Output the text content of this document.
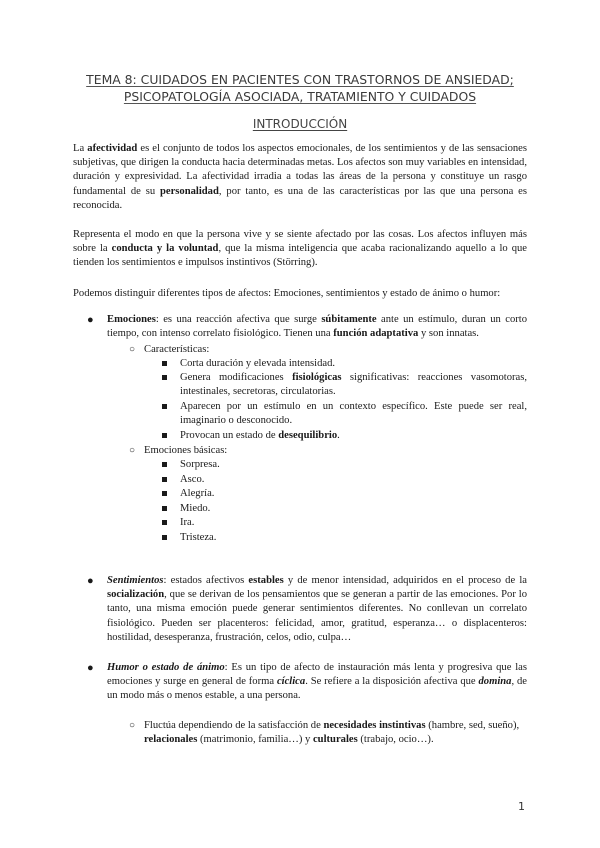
TEMA 8: CUIDADOS EN PACIENTES CON TRASTORNOS DE ANSIEDAD;
PSICOPATOLOGÍA ASOCIADA, TRATAMIENTO Y CUIDADOS
INTRODUCCIÓN
La afectividad es el conjunto de todos los aspectos emocionales, de los sentimientos y de las sensaciones subjetivas, que dirigen la conducta hacia determinadas metas. Los afectos son muy variables en intensidad, duración y expresividad. La afectividad irradia a todas las áreas de la persona y constituye un rasgo fundamental de su personalidad, por tanto, es una de las características por las que una persona es reconocida.
Representa el modo en que la persona vive y se siente afectado por las cosas. Los afectos influyen más sobre la conducta y la voluntad, que la misma inteligencia que acaba racionalizando aquello a lo que tienden los sentimientos e impulsos instintivos (Störring).
Podemos distinguir diferentes tipos de afectos: Emociones, sentimientos y estado de ánimo o humor:
● Emociones: es una reacción afectiva que surge súbitamente ante un estímulo, duran un corto tiempo, con intenso correlato fisiológico. Tienen una función adaptativa y son innatas.
○ Características:
Corta duración y elevada intensidad.
Genera modificaciones fisiológicas significativas: reacciones vasomotoras, intestinales, secretoras, circulatorias.
Aparecen por un estímulo en un contexto específico. Este puede ser real, imaginario o desconocido.
Provocan un estado de desequilibrio.
○ Emociones básicas:
Sorpresa.
Asco.
Alegría.
Miedo.
Ira.
Tristeza.
● Sentimientos: estados afectivos estables y de menor intensidad, adquiridos en el proceso de la socialización, que se derivan de los pensamientos que se generan a partir de las emociones. Por lo tanto, una misma emoción puede generar sentimientos diferentes. No conllevan un correlato fisiológico. Pueden ser placenteros: felicidad, amor, gratitud, esperanza… o displacenteros: hostilidad, desesperanza, frustración, celos, odio, culpa…
● Humor o estado de ánimo: Es un tipo de afecto de instauración más lenta y progresiva que las emociones y surge en general de forma cíclica. Se refiere a la disposición afectiva que domina, de un modo más o menos estable, a una persona.
○ Fluctúa dependiendo de la satisfacción de necesidades instintivas (hambre, sed, sueño), relacionales (matrimonio, familia…) y culturales (trabajo, ocio…).
1
